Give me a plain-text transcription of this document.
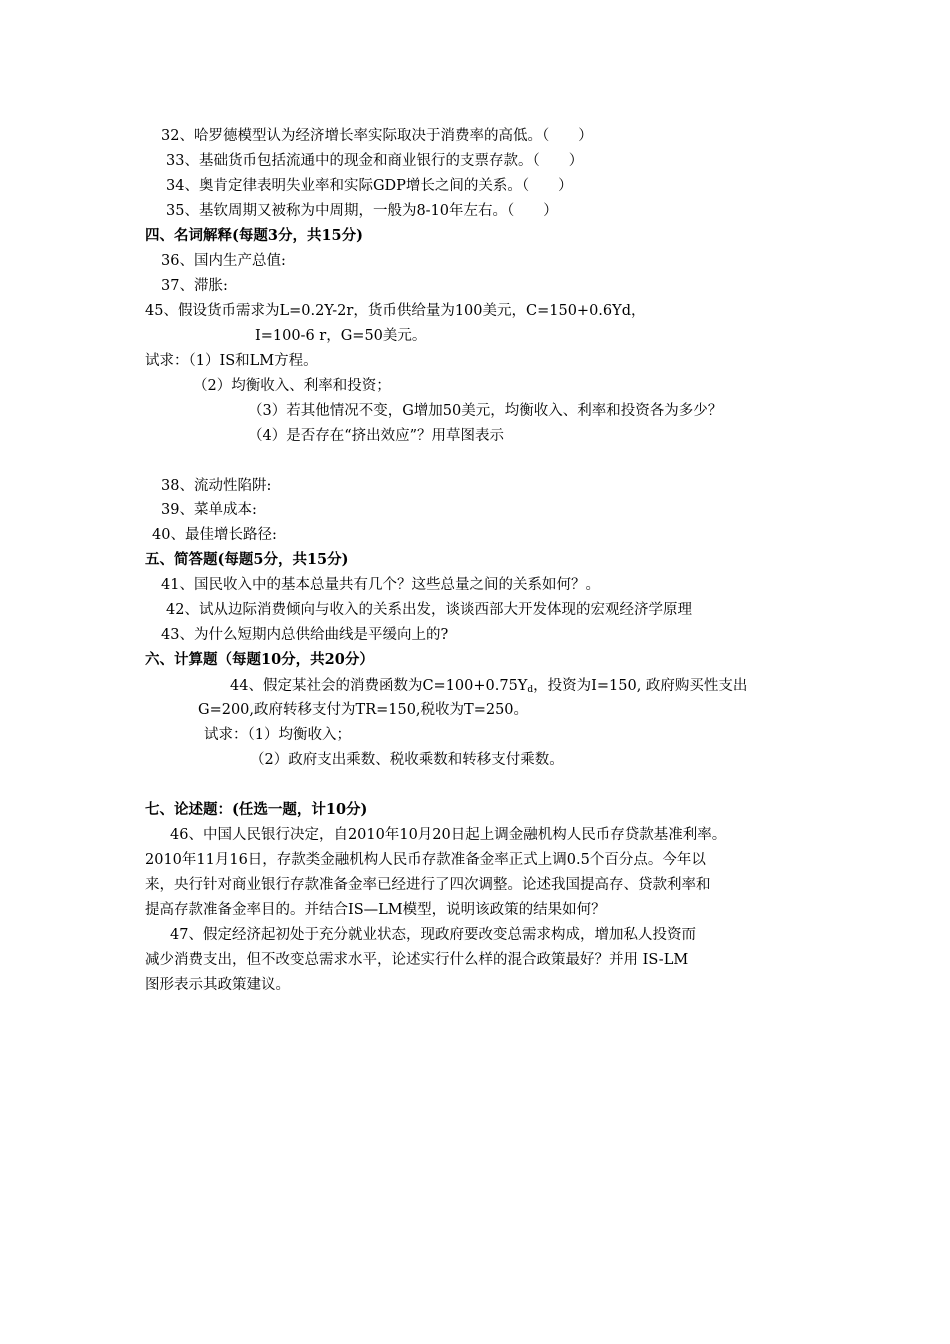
32、哈罗德模型认为经济增长率实际取决于消费率的高低。（　　）
33、基础货币包括流通中的现金和商业银行的支票存款。（　　）
34、奥肯定律表明失业率和实际GDP增长之间的关系。（　　）
35、基钦周期又被称为中周期，一般为8-10年左右。（　　）
四、名词解释(每题3分，共15分)
36、国内生产总值:
37、滞胀:
45、假设货币需求为L=0.2Y-2r，货币供给量为100美元，C=150+0.6Yd，
I=100-6 r，G=50美元。
试求：（1）IS和LM方程。
（2）均衡收入、利率和投资；
（3）若其他情况不变，G增加50美元，均衡收入、利率和投资各为多少？
（4）是否存在“挤出效应”？用草图表示
38、流动性陷阱:
39、菜单成本:
40、最佳增长路径:
五、简答题(每题5分，共15分)
41、国民收入中的基本总量共有几个？这些总量之间的关系如何？。
42、试从边际消费倾向与收入的关系出发，谈谈西部大开发体现的宏观经济学原理
43、为什么短期内总供给曲线是平缓向上的?
六、计算题（每题10分，共20分）
44、假定某社会的消费函数为$C=100+0.75Y_d$，投资为I=150, 政府购买性支出
G=200,政府转移支付为TR=150,税收为T=250。
试求：（1）均衡收入；
（2）政府支出乘数、税收乘数和转移支付乘数。
七、论述题：(任选一题，计10分)
46、中国人民银行决定，自2010年10月20日起上调金融机构人民币存贷款基准利率。
2010年11月16日，存款类金融机构人民币存款准备金率正式上调0.5个百分点。今年以
来，央行针对商业银行存款准备金率已经进行了四次调整。论述我国提高存、贷款利率和
提高存款准备金率目的。并结合IS—LM模型，说明该政策的结果如何？
47、假定经济起初处于充分就业状态，现政府要改变总需求构成，增加私人投资而
减少消费支出，但不改变总需求水平，论述实行什么样的混合政策最好？并用 IS-LM
图形表示其政策建议。
